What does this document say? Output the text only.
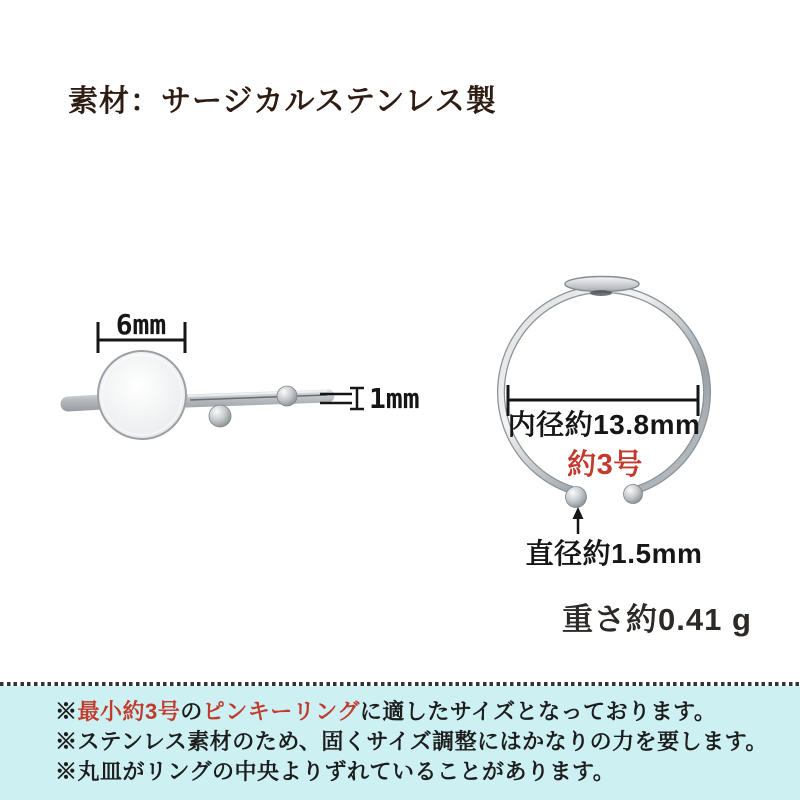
素材：サージカルステンレス製
6mm
1mm
内径約13.8mm
約3号
直径約1.5mm
重さ約0.41 g

※最小約3号のピンキーリングに適したサイズとなっております。

※ステンレス素材のため、固くサイズ調整にはかなりの力を要します。

※丸皿がリングの中央よりずれていることがあります。
